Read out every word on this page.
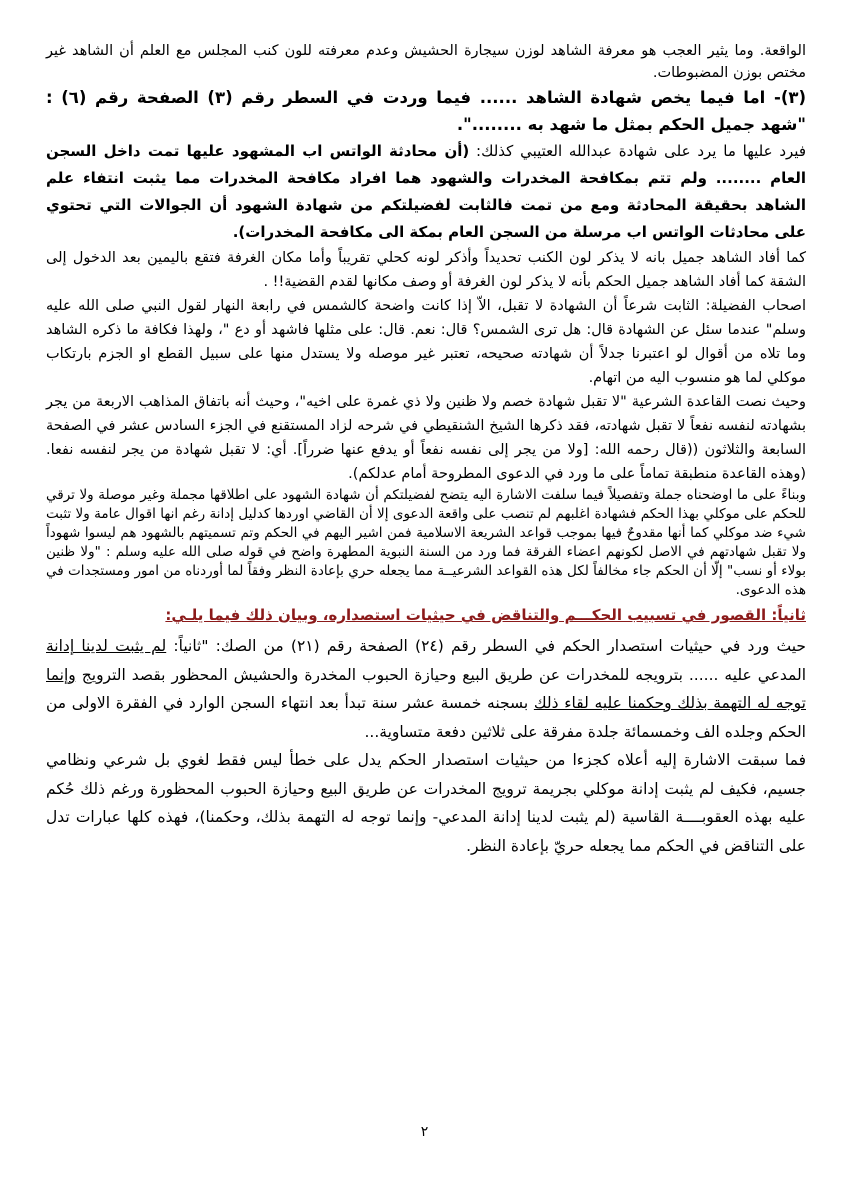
الواقعة. وما يثير العجب هو معرفة الشاهد لوزن سيجارة الحشيش وعدم معرفته للون كنب المجلس مع العلم أن الشاهد غير مختص بوزن المضبوطات.

(٣)- اما فيما يخص شهادة الشاهد ...... فيما وردت في السطر رقم (٣) الصفحة رقم (٦) : "شهد جميل الحكم بمثل ما شهد به ........".

فيرد عليها ما يرد على شهادة عبدالله العتيبي كذلك: (أن محادثة الواتس اب المشهود عليها تمت داخل السجن العام ........ ولم تتم بمكافحة المخدرات والشهود هما افراد مكافحة المخدرات مما يثبت انتفاء علم الشاهد بحقيقة المحادثة ومع من تمت فالثابت لفضيلتكم من شهادة الشهود أن الجوالات التي تحتوي على محادثات الواتس اب مرسلة من السجن العام بمكة الى مكافحة المخدرات).

كما أفاد الشاهد جميل بانه لا يذكر لون الكنب تحديداً وأذكر لونه كحلي تقريباً وأما مكان الغرفة فتقع باليمين بعد الدخول إلى الشقة كما أفاد الشاهد جميل الحكم بأنه لا يذكر لون الغرفة أو وصف مكانها لقدم القضية!! .

اصحاب الفضيلة: الثابت شرعاً أن الشهادة لا تقبل، الاّ إذا كانت واضحة كالشمس في رابعة النهار لقول النبي صلى الله عليه وسلم" عندما سئل عن الشهادة قال: هل ترى الشمس؟ قال: نعم. قال: على مثلها فاشهد أو دع "، ولهذا فكافة ما ذكره الشاهد وما تلاه من أقوال لو اعتبرنا جدلاً أن شهادته صحيحه، تعتبر غير موصله ولا يستدل منها على سبيل القطع او الجزم بارتكاب موكلي لما هو منسوب اليه من اتهام.

وحيث نصت القاعدة الشرعية "لا تقبل شهادة خصم ولا ظنين ولا ذي غمرة على اخيه"، وحيث أنه باتفاق المذاهب الاربعة من يجر بشهادته لنفسه نفعاً لا تقبل شهادته، فقد ذكرها الشيخ الشنقيطي في شرحه لزاد المستقنع في الجزء السادس عشر في الصفحة السابعة والثلاثون ((قال رحمه الله: [ولا من يجر إلى نفسه نفعاً أو يدفع عنها ضرراً]. أي: لا تقبل شهادة من يجر لنفسه نفعا. (وهذه القاعدة منطبقة تماماً على ما ورد في الدعوى المطروحة أمام عدلكم).

وبناءً على ما اوضحناه جملة وتفصيلاً فيما سلفت الاشارة اليه يتضح لفضيلتكم أن شهادة الشهود على اطلاقها مجملة وغير موصلة ولا ترقي للحكم على موكلي بهذا الحكم فشهادة اغلبهم لم تنصب على واقعة الدعوى إلا أن القاضي اوردها كدليل إدانة رغم انها اقوال عامة ولا تثبت شيء ضد موكلي كما أنها مقدوحٌ فيها بموجب قواعد الشريعة الاسلامية فمن اشير اليهم في الحكم وتم تسميتهم بالشهود هم ليسوا شهوداً ولا تقبل شهادتهم في الاصل لكونهم اعضاء الفرقة فما ورد من السنة النبوية المطهرة واضح في قوله صلى الله عليه وسلم : "ولا ظنين بولاء أو نسب" إلّا أن الحكم جاء مخالفاً لكل هذه القواعد الشرعيــة مما يجعله حري بإعادة النظر وفقاً لما أوردناه من امور ومستجدات في هذه الدعوى.

ثانياً: القصور في تسبيب الحكـــم والتناقض في حيثيات استصداره، وبيان ذلك فيما يلـي:

حيث ورد في حيثيات استصدار الحكم في السطر رقم (٢٤) الصفحة رقم (٢١) من الصك: "ثانياً: لم يثبت لدينا إدانة المدعي عليه ...... بترويجه للمخدرات عن طريق البيع وحيازة الحبوب المخدرة والحشيش المحظور بقصد الترويج وإنما توجه له التهمة بذلك وحكمنا عليه لقاء ذلك بسجنه خمسة عشر سنة تبدأ بعد انتهاء السجن الوارد في الفقرة الاولى من الحكم وجلده الف وخمسمائة جلدة مفرقة على ثلاثين دفعة متساوية...

فما سبقت الاشارة إليه أعلاه كجزءا من حيثيات استصدار الحكم يدل على خطأ ليس فقط لغوي بل شرعي ونظامي جسيم، فكيف لم يثبت إدانة موكلي بجريمة ترويج المخدرات عن طريق البيع وحيازة الحبوب المحظورة ورغم ذلك حُكم عليه بهذه العقوبــــة القاسية (لم يثبت لدينا إدانة المدعي- وإنما توجه له التهمة بذلك، وحكمنا)، فهذه كلها عبارات تدل على التناقض في الحكم مما يجعله حريّ بإعادة النظر.

٢
